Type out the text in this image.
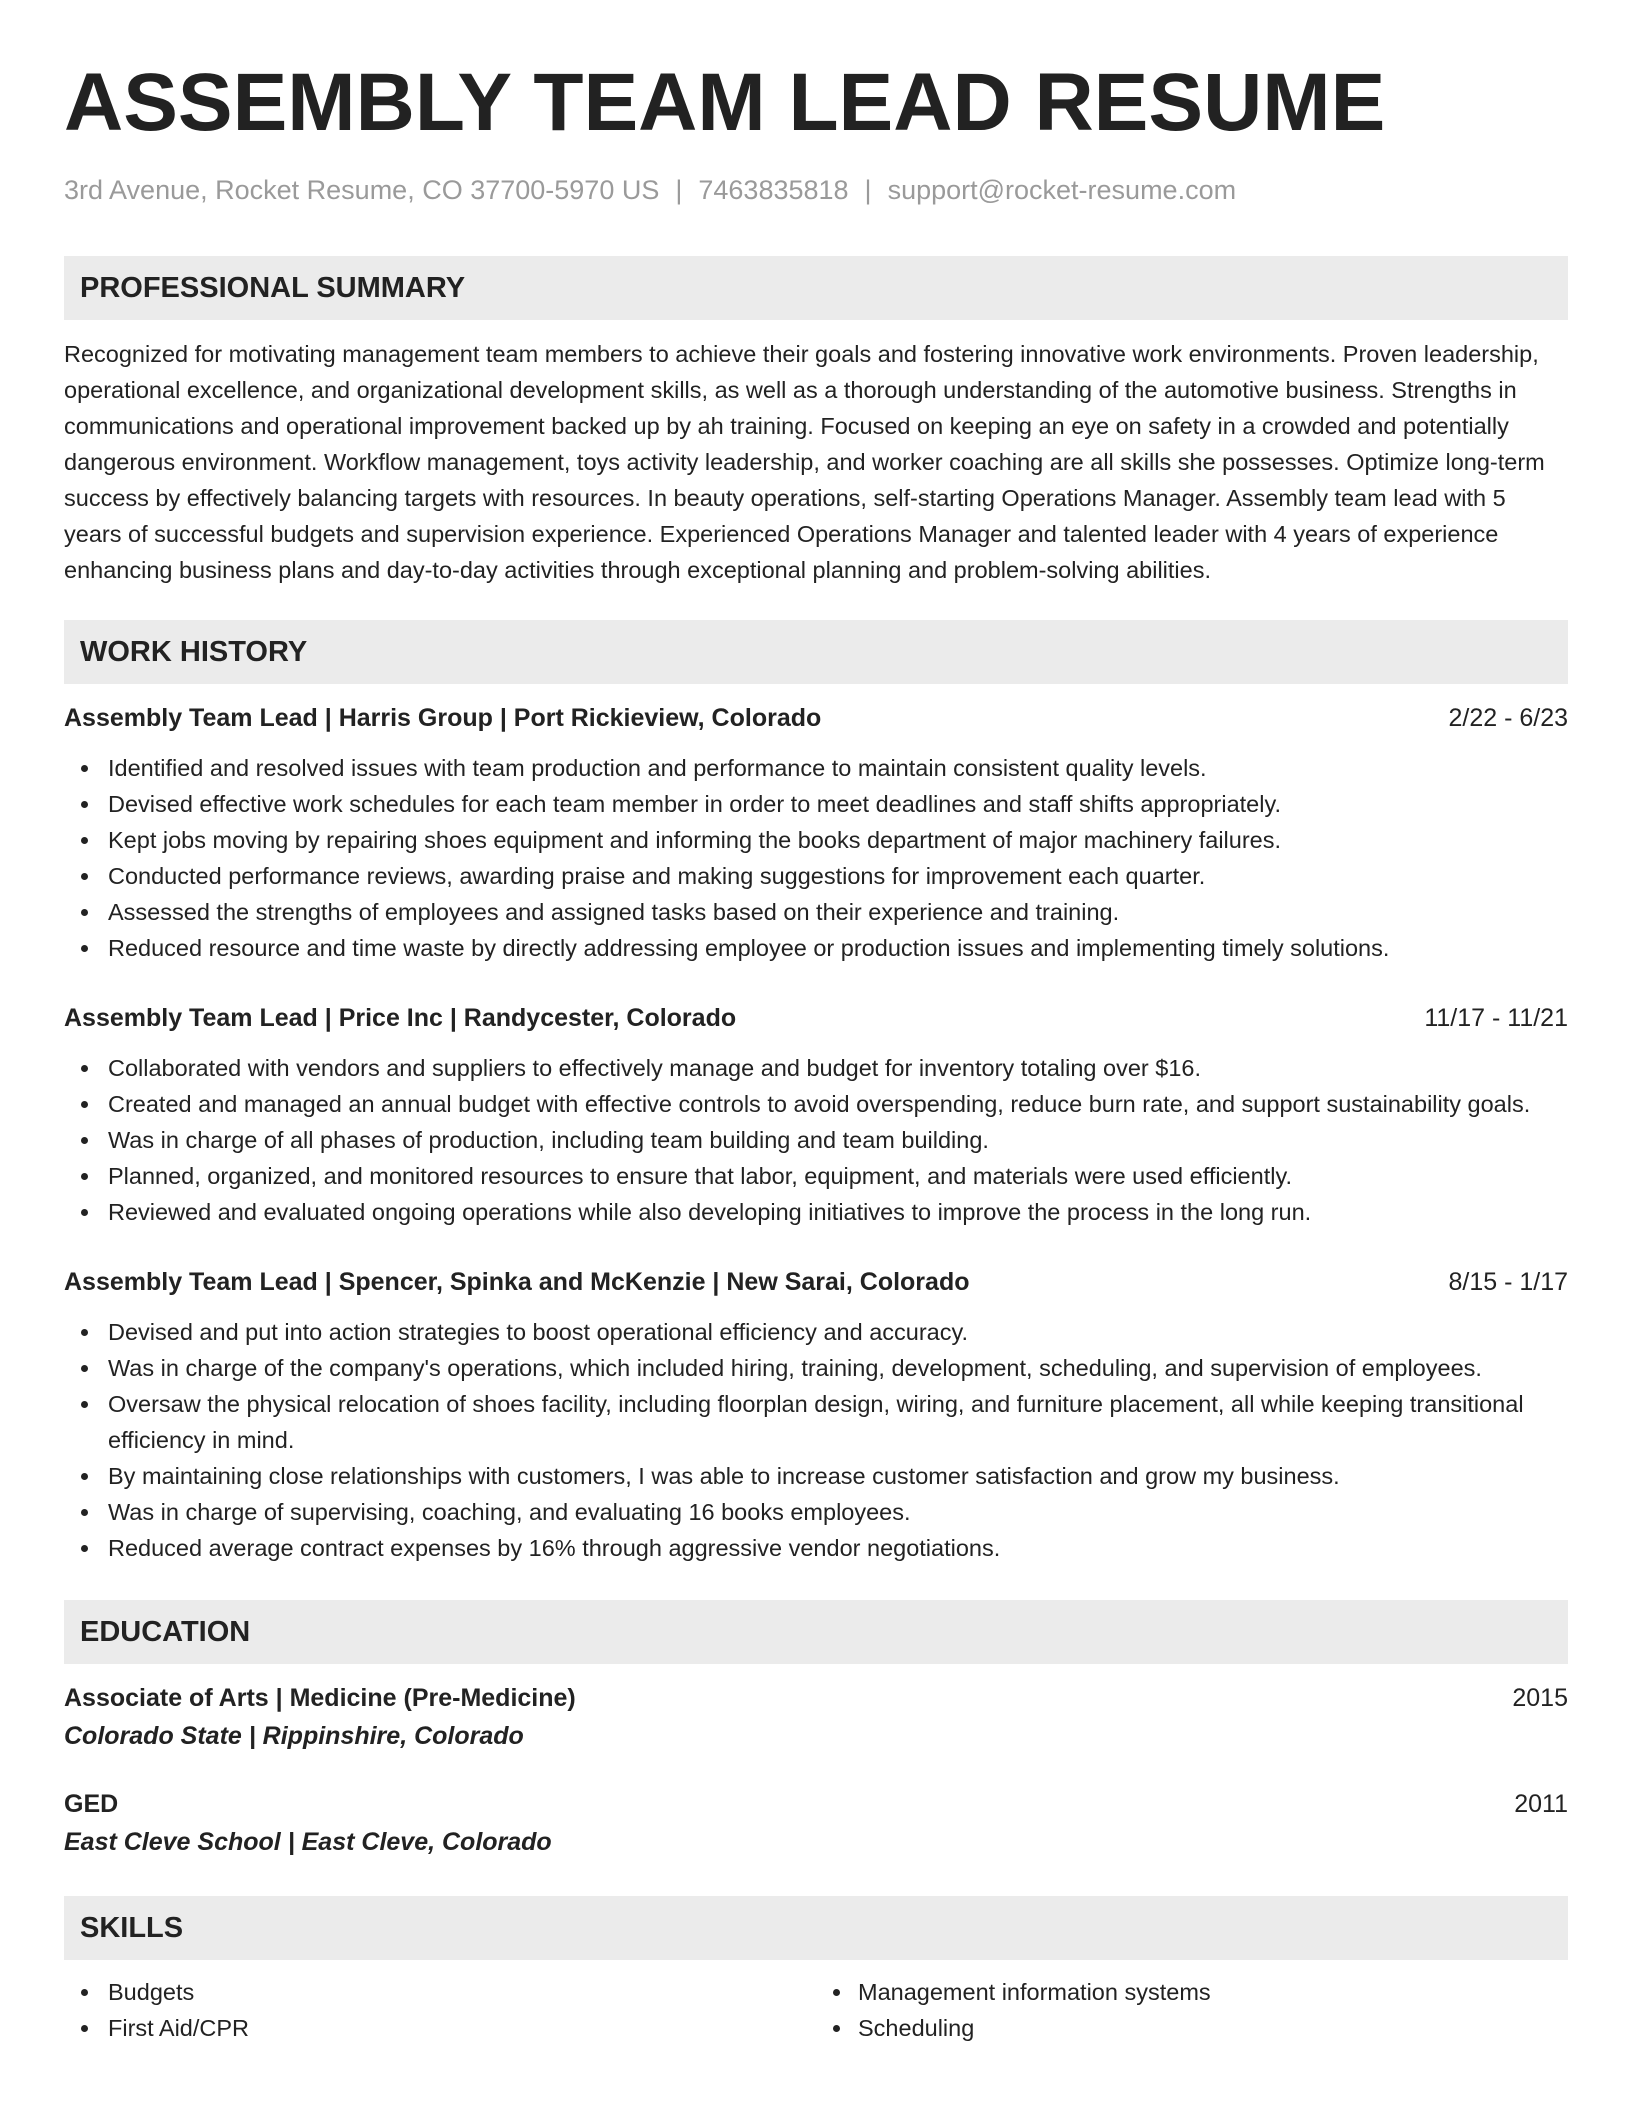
ASSEMBLY TEAM LEAD RESUME
3rd Avenue, Rocket Resume, CO 37700-5970 US | 7463835818 | support@rocket-resume.com
PROFESSIONAL SUMMARY
Recognized for motivating management team members to achieve their goals and fostering innovative work environments. Proven leadership, operational excellence, and organizational development skills, as well as a thorough understanding of the automotive business. Strengths in communications and operational improvement backed up by ah training. Focused on keeping an eye on safety in a crowded and potentially dangerous environment. Workflow management, toys activity leadership, and worker coaching are all skills she possesses. Optimize long-term success by effectively balancing targets with resources. In beauty operations, self-starting Operations Manager. Assembly team lead with 5 years of successful budgets and supervision experience. Experienced Operations Manager and talented leader with 4 years of experience enhancing business plans and day-to-day activities through exceptional planning and problem-solving abilities.
WORK HISTORY
Assembly Team Lead | Harris Group | Port Rickieview, Colorado	2/22 - 6/23
Identified and resolved issues with team production and performance to maintain consistent quality levels.
Devised effective work schedules for each team member in order to meet deadlines and staff shifts appropriately.
Kept jobs moving by repairing shoes equipment and informing the books department of major machinery failures.
Conducted performance reviews, awarding praise and making suggestions for improvement each quarter.
Assessed the strengths of employees and assigned tasks based on their experience and training.
Reduced resource and time waste by directly addressing employee or production issues and implementing timely solutions.
Assembly Team Lead | Price Inc | Randycester, Colorado	11/17 - 11/21
Collaborated with vendors and suppliers to effectively manage and budget for inventory totaling over $16.
Created and managed an annual budget with effective controls to avoid overspending, reduce burn rate, and support sustainability goals.
Was in charge of all phases of production, including team building and team building.
Planned, organized, and monitored resources to ensure that labor, equipment, and materials were used efficiently.
Reviewed and evaluated ongoing operations while also developing initiatives to improve the process in the long run.
Assembly Team Lead | Spencer, Spinka and McKenzie | New Sarai, Colorado	8/15 - 1/17
Devised and put into action strategies to boost operational efficiency and accuracy.
Was in charge of the company's operations, which included hiring, training, development, scheduling, and supervision of employees.
Oversaw the physical relocation of shoes facility, including floorplan design, wiring, and furniture placement, all while keeping transitional efficiency in mind.
By maintaining close relationships with customers, I was able to increase customer satisfaction and grow my business.
Was in charge of supervising, coaching, and evaluating 16 books employees.
Reduced average contract expenses by 16% through aggressive vendor negotiations.
EDUCATION
Associate of Arts | Medicine (Pre-Medicine)	2015
Colorado State | Rippinshire, Colorado
GED	2011
East Cleve School | East Cleve, Colorado
SKILLS
Budgets
First Aid/CPR
Management information systems
Scheduling
